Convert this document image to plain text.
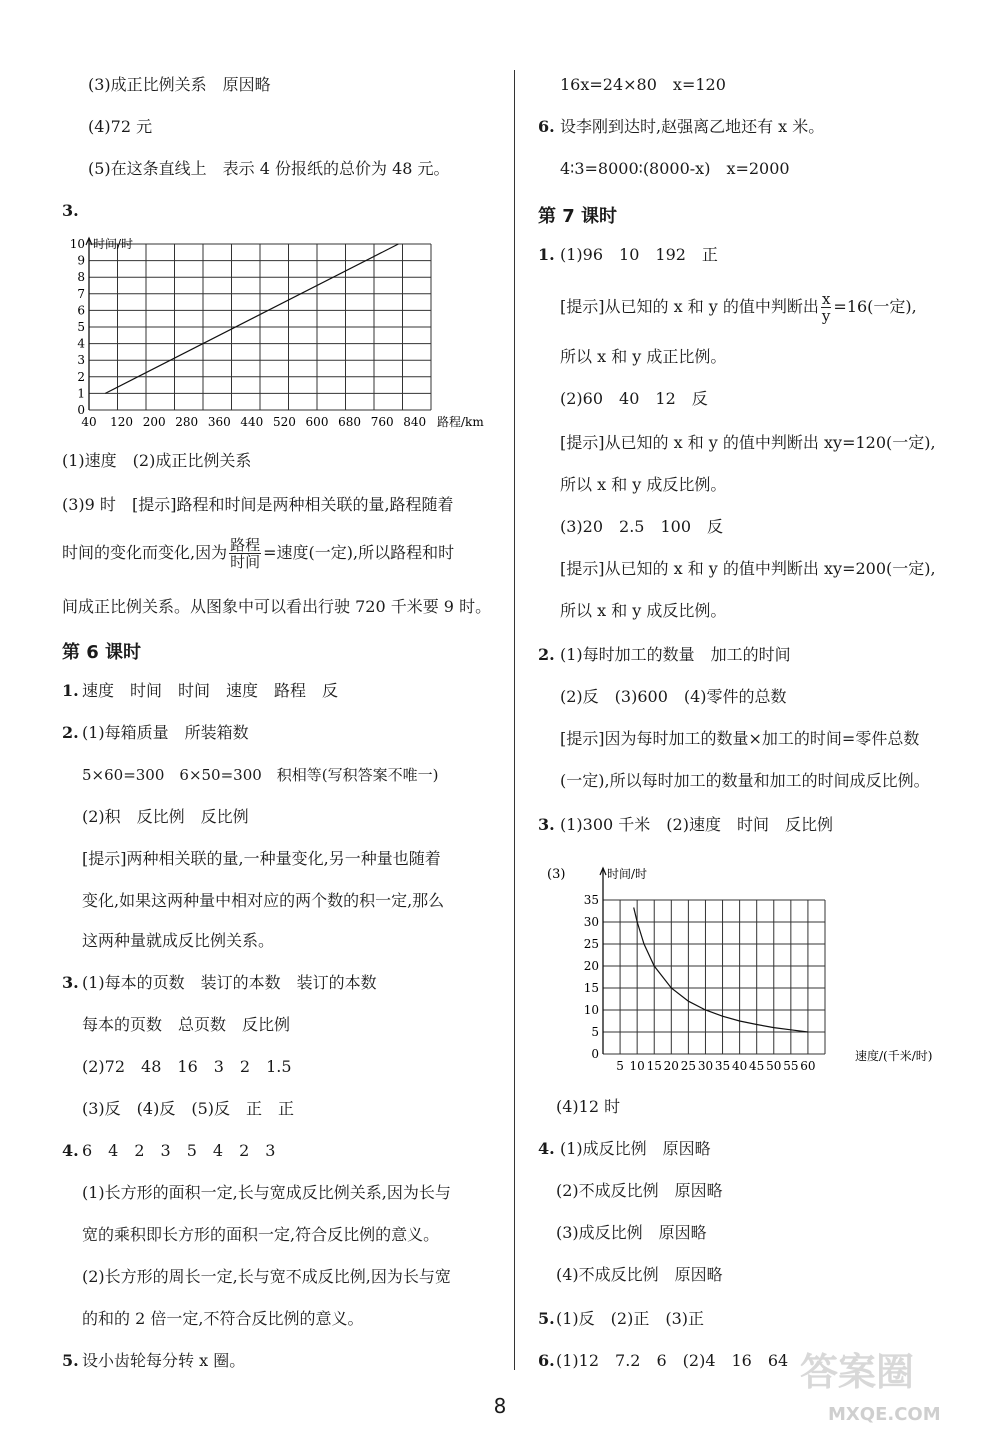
(3)成正比例关系　原因略
(4)72 元
(5)在这条直线上　表示 4 份报纸的总价为 48 元。
3.
时间/时
路程/km
0
1
2
3
4
5
6
7
8
9
10
40 120 200 280 360 440 520 600 680 760 840
(1)速度　(2)成正比例关系
(3)9 时　[提示]路程和时间是两种相关联的量,路程随着
时间的变化而变化,因为 $\frac{\text{路程}}{\text{时间}}$ =速度(一定),所以路程和时
间成正比例关系。从图象中可以看出行驶 720 千米要 9 时。
第 6 课时
1. 速度　时间　时间　速度　路程　反
2. (1)每箱质量　所装箱数
5×60=300　6×50=300　积相等(写积答案不唯一)
(2)积　反比例　反比例
[提示]两种相关联的量,一种量变化,另一种量也随着
变化,如果这两种量中相对应的两个数的积一定,那么
这两种量就成反比例关系。
3. (1)每本的页数　装订的本数　装订的本数
每本的页数　总页数　反比例
(2)72　48　16　3　2　1.5
(3)反　(4)反　(5)反　正　正
4. 6　4　2　3　5　4　2　3
(1)长方形的面积一定,长与宽成反比例关系,因为长与
宽的乘积即长方形的面积一定,符合反比例的意义。
(2)长方形的周长一定,长与宽不成反比例,因为长与宽
的和的 2 倍一定,不符合反比例的意义。
5. 设小齿轮每分转 x 圈。
16x=24×80　x=120
6. 设李刚到达时,赵强离乙地还有 x 米。
4∶3=8000∶(8000-x)　x=2000
第 7 课时
1. (1)96　10　192　正
[提示]从已知的 x 和 y 的值中判断出 $\frac{x}{y} =16$(一定),
所以 x 和 y 成正比例。
(2)60　40　12　反
[提示]从已知的 x 和 y 的值中判断出 xy=120(一定),
所以 x 和 y 成反比例。
(3)20　2.5　100　反
[提示]从已知的 x 和 y 的值中判断出 xy=200(一定),
所以 x 和 y 成反比例。
2. (1)每时加工的数量　加工的时间
(2)反　(3)600　(4)零件的总数
[提示]因为每时加工的数量×加工的时间=零件总数
(一定),所以每时加工的数量和加工的时间成反比例。
3. (1)300 千米　(2)速度　时间　反比例
时间/时
(3)
速度/(千米/时)
0
5
10
15
20
25
30
35
5 10 15 20 25 30 35 40 45 50 55 60
(4)12 时
4. (1)成反比例　原因略
(2)不成反比例　原因略
(3)成反比例　原因略
(4)不成反比例　原因略
5. (1)反　(2)正　(3)正
6. (1)12　7.2　6　(2)4　16　64
8
答案圈
MXQE.COM
